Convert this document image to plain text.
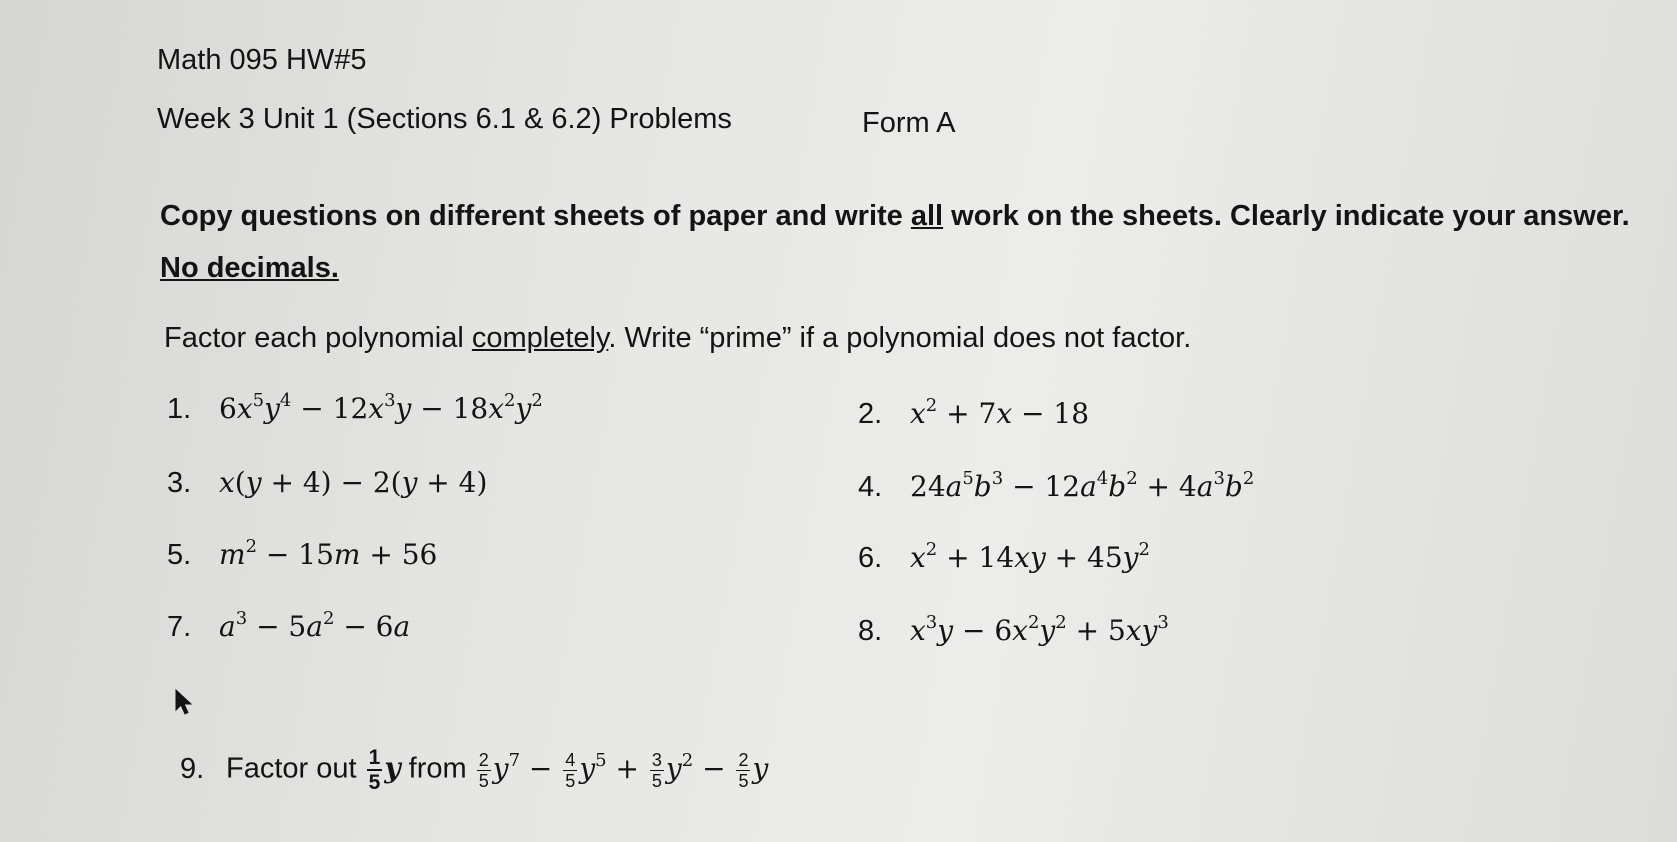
Math 095 HW#5
Week 3 Unit 1 (Sections 6.1 & 6.2) Problems	Form A
Copy questions on different sheets of paper and write all work on the sheets. Clearly indicate your answer. No decimals.
Factor each polynomial completely. Write “prime” if a polynomial does not factor.
1. $6x^5y^4 - 12x^3y - 18x^2y^2$	2. $x^2 + 7x - 18$
3. x(y + 4) − 2(y + 4)	4. $24a^5b^3 - 12a^4b^2 + 4a^3b^2$
5. $m^2 - 15m + 56$	6. $x^2 + 14xy + 45y^2$
7. $a^3 - 5a^2 - 6a$	8. $x^3y - 6x^2y^2 + 5xy^3$
9. Factor out $\frac{1}{5}$ y from $\frac{2}{5} y^7 - \frac{4}{5} y^5 + \frac{3}{5} y^2 - \frac{2}{5}$ y
